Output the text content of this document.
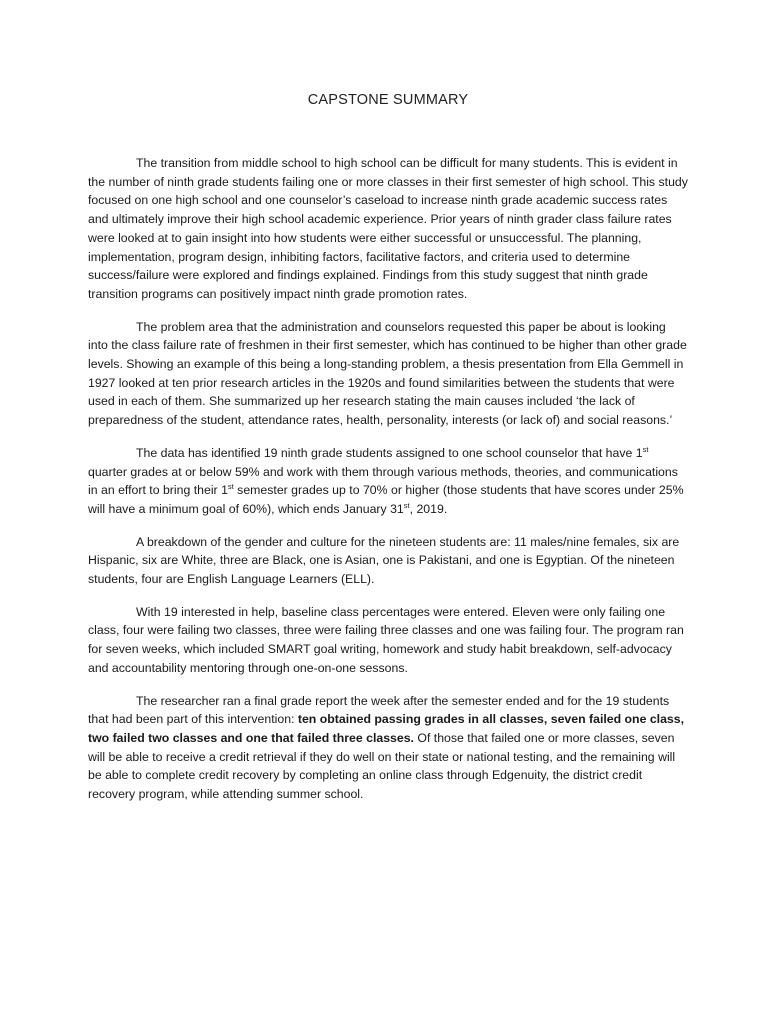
CAPSTONE SUMMARY

The transition from middle school to high school can be difficult for many students. This is evident in the number of ninth grade students failing one or more classes in their first semester of high school. This study focused on one high school and one counselor’s caseload to increase ninth grade academic success rates and ultimately improve their high school academic experience. Prior years of ninth grader class failure rates were looked at to gain insight into how students were either successful or unsuccessful. The planning, implementation, program design, inhibiting factors, facilitative factors, and criteria used to determine success/failure were explored and findings explained. Findings from this study suggest that ninth grade transition programs can positively impact ninth grade promotion rates.

The problem area that the administration and counselors requested this paper be about is looking into the class failure rate of freshmen in their first semester, which has continued to be higher than other grade levels. Showing an example of this being a long-standing problem, a thesis presentation from Ella Gemmell in 1927 looked at ten prior research articles in the 1920s and found similarities between the students that were used in each of them. She summarized up her research stating the main causes included ‘the lack of preparedness of the student, attendance rates, health, personality, interests (or lack of) and social reasons.’

The data has identified 19 ninth grade students assigned to one school counselor that have 1st quarter grades at or below 59% and work with them through various methods, theories, and communications in an effort to bring their 1st semester grades up to 70% or higher (those students that have scores under 25% will have a minimum goal of 60%), which ends January 31st, 2019.

A breakdown of the gender and culture for the nineteen students are: 11 males/nine females, six are Hispanic, six are White, three are Black, one is Asian, one is Pakistani, and one is Egyptian. Of the nineteen students, four are English Language Learners (ELL).

With 19 interested in help, baseline class percentages were entered. Eleven were only failing one class, four were failing two classes, three were failing three classes and one was failing four. The program ran for seven weeks, which included SMART goal writing, homework and study habit breakdown, self-advocacy and accountability mentoring through one-on-one sessons.

The researcher ran a final grade report the week after the semester ended and for the 19 students that had been part of this intervention: ten obtained passing grades in all classes, seven failed one class, two failed two classes and one that failed three classes. Of those that failed one or more classes, seven will be able to receive a credit retrieval if they do well on their state or national testing, and the remaining will be able to complete credit recovery by completing an online class through Edgenuity, the district credit recovery program, while attending summer school.
